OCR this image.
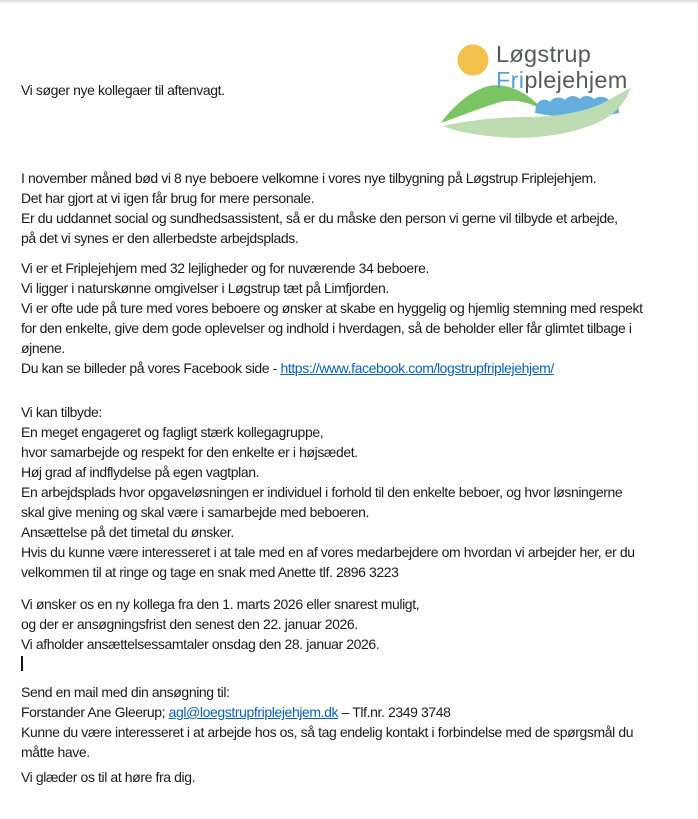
Løgstrup
Friplejehjem
Vi søger nye kollegaer til aftenvagt.
I november måned bød vi 8 nye beboere velkomne i vores nye tilbygning på Løgstrup Friplejehjem.
Det har gjort at vi igen får brug for mere personale.
Er du uddannet social og sundhedsassistent, så er du måske den person vi gerne vil tilbyde et arbejde,
på det vi synes er den allerbedste arbejdsplads.
Vi er et Friplejehjem med 32 lejligheder og for nuværende 34 beboere.
Vi ligger i naturskønne omgivelser i Løgstrup tæt på Limfjorden.
Vi er ofte ude på ture med vores beboere og ønsker at skabe en hyggelig og hjemlig stemning med respekt
for den enkelte, give dem gode oplevelser og indhold i hverdagen, så de beholder eller får glimtet tilbage i
øjnene.
Du kan se billeder på vores Facebook side - https://www.facebook.com/logstrupfriplejehjem/
Vi kan tilbyde:
En meget engageret og fagligt stærk kollegagruppe,
hvor samarbejde og respekt for den enkelte er i højsædet.
Høj grad af indflydelse på egen vagtplan.
En arbejdsplads hvor opgaveløsningen er individuel i forhold til den enkelte beboer, og hvor løsningerne
skal give mening og skal være i samarbejde med beboeren.
Ansættelse på det timetal du ønsker.
Hvis du kunne være interesseret i at tale med en af vores medarbejdere om hvordan vi arbejder her, er du
velkommen til at ringe og tage en snak med Anette tlf. 2896 3223
Vi ønsker os en ny kollega fra den 1. marts 2026 eller snarest muligt,
og der er ansøgningsfrist den senest den 22. januar 2026.
Vi afholder ansættelsessamtaler onsdag den 28. januar 2026.

Send en mail med din ansøgning til:
Forstander Ane Gleerup; agl@loegstrupfriplejehjem.dk – Tlf.nr. 2349 3748
Kunne du være interesseret i at arbejde hos os, så tag endelig kontakt i forbindelse med de spørgsmål du
måtte have.
Vi glæder os til at høre fra dig.
